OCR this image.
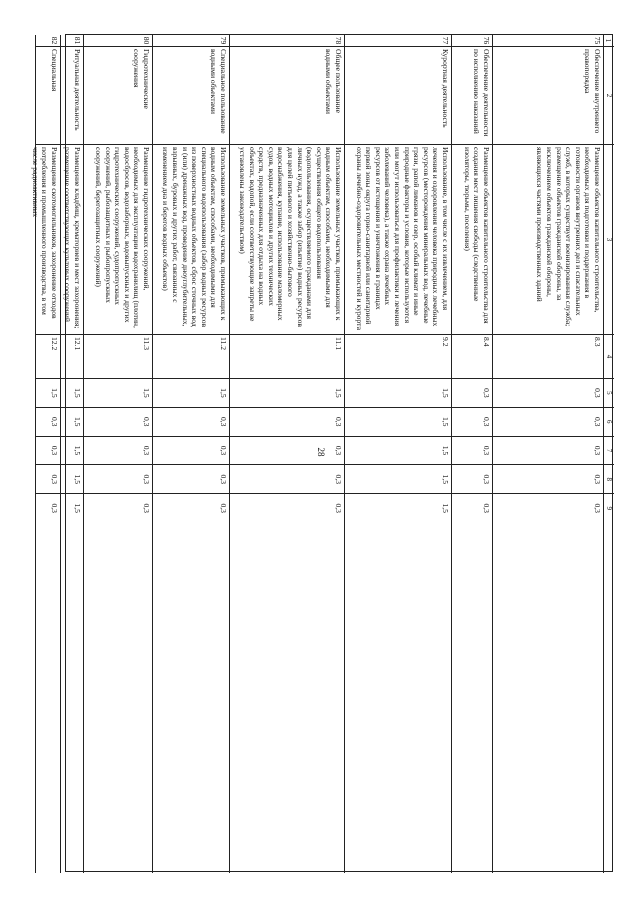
28
1
2
3
4
5
6
7
8
9
75
Обеспечение внутреннего правопорядка
Размещение объектов капитального строительства, необходимых для подготовки и поддержания в готовности органов внутренних дел и спасательных служб, в которых существует военизированная служба; размещение объектов гражданской обороны, за исключением объектов гражданской обороны, являющихся частями производственных зданий
8.3
0,3
0,3
0,3
0,3
0,3
76
Обеспечение деятельности по исполнению наказаний
Размещение объектов капитального строительства для создания мест лишения свободы (следственные изоляторы, тюрьмы, поселения)
8.4
0,3
0,3
0,3
0,3
0,3
77
Курортная деятельность
Использование, в том числе с их извлечением, для лечения и оздоровления человека природных лечебных ресурсов (месторождения минеральных вод, лечебные грязи, рапой лиманов и озер, особый климат и иные природные факторы и условия, которые используются или могут использоваться для профилактики и лечения заболеваний человека), а также охрана лечебных ресурсов от истощения и уничтожения в границах первой зоны округа горно-санитарной или санитарной охраны лечебно-оздоровительных местностей и курорта
9.2
1,5
1,5
1,5
1,5
1,5
78
Общее пользование водными объектами
Использование земельных участков, примыкающих к водным объектам, способами, необходимыми для осуществления общего водопользования (водопользования, осуществляемого гражданами для личных нужд, а также забор (изъятие) водных ресурсов для целей питьевого и хозяйственно-бытового водоснабжения, купание, использование маломерных судов, водных мотоциклов и других технических средств, предназначенных для отдыха на водных объектах, водопой, если соответствующие запреты не установлены законодательством)
11.1
1,5
0,3
0,3
0,3
0,3
79
Специальное пользование водными объектами
Использование земельных участков, примыкающих к водным объектам, способами, необходимыми для специального водопользования (забор водных ресурсов из поверхностных водных объектов, сброс сточных вод и (или) дренажных вод, проведение дноуглубительных, взрывных, буровых и других работ, связанных с изменением дна и берегов водных объектов)
11.2
1,5
0,3
0,3
0,3
0,3
80
Гидротехнические сооружения
Размещение гидротехнических сооружений, необходимых для эксплуатации водохранилищ (плотин, водосбросов, водозаборных, водовыпускных и других гидротехнических сооружений, судопропускных сооружений, рыбозащитных и рыбопропускных сооружений, берегозащитных сооружений)
11.3
1,5
0,3
0,3
0,3
0,3
81
Ритуальная деятельность
Размещение кладбищ, крематориев и мест захоронения; размещение соответствующих культовых сооружений
12.1
1,5
1,5
1,5
1,5
1,5
82
Специальная
Размещение скотомогильников, захоронение отходов потребления и промышленного производства, в том числе радиоактивных
12.2
1,5
0,3
0,3
0,3
0,3
